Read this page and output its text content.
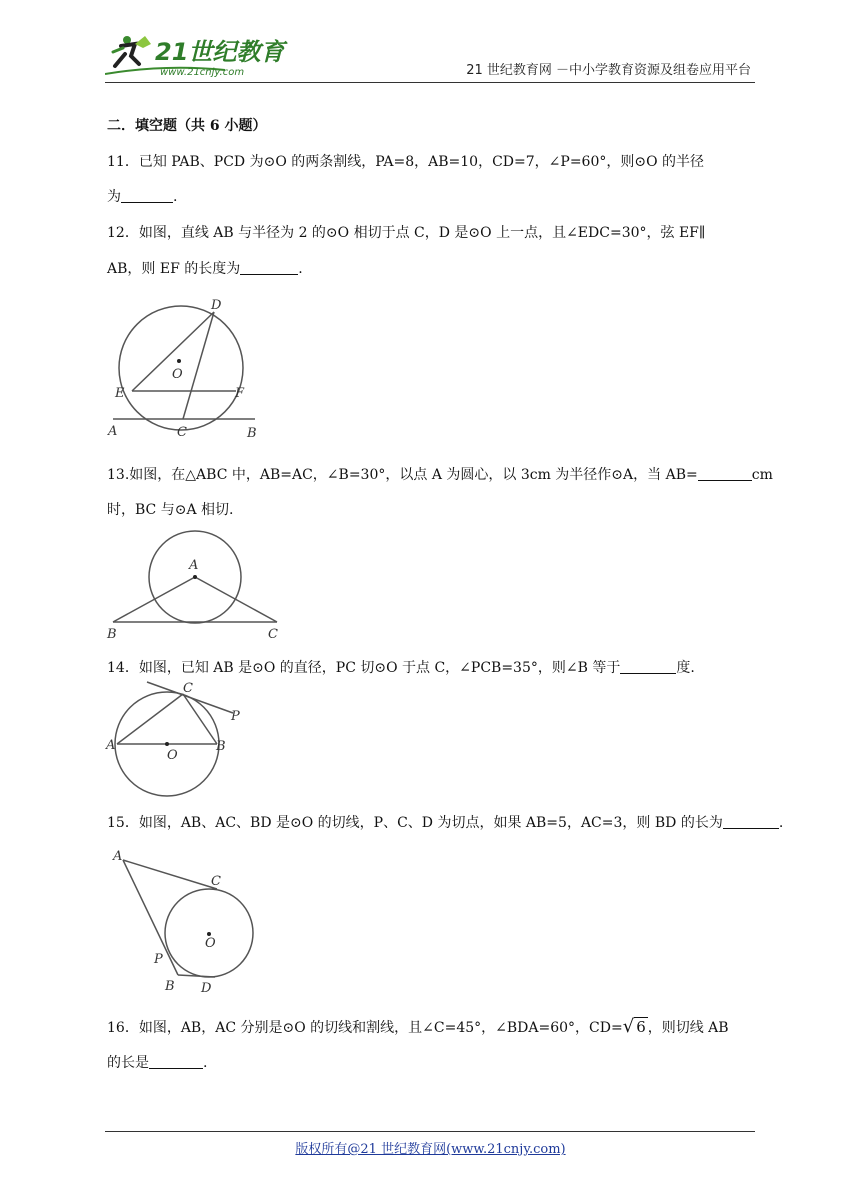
21世纪教育
www.21cnjy.com	21 世纪教育网 －中小学教育资源及组卷应用平台
二．填空题（共 6 小题）
11．已知 PAB、PCD 为⊙O 的两条割线，PA=8，AB=10，CD=7，∠P=60°，则⊙O 的半径
为	.
12．如图，直线 AB 与半径为 2 的⊙O 相切于点 C，D 是⊙O 上一点，且∠EDC=30°，弦 EF∥
AB，则 EF 的长度为	.
D
O
E	F
A	C	B
13.如图，在△ABC 中，AB=AC，∠B=30°，以点 A 为圆心，以 3cm 为半径作⊙A，当 AB=	cm
时，BC 与⊙A 相切.
A
B	C
14．如图，已知 AB 是⊙O 的直径，PC 切⊙O 于点 C，∠PCB=35°，则∠B 等于	度.
C
P
A
O
B
15．如图，AB、AC、BD 是⊙O 的切线，P、C、D 为切点，如果 AB=5，AC=3，则 BD 的长为	.
A
C
O
P
B D
16．如图，AB，AC 分别是⊙O 的切线和割线，且∠C=45°，∠BDA=60°，CD=√ 6 ，则切线 AB
的长是	.
版权所有@21 世纪教育网(www.21cnjy.com)
